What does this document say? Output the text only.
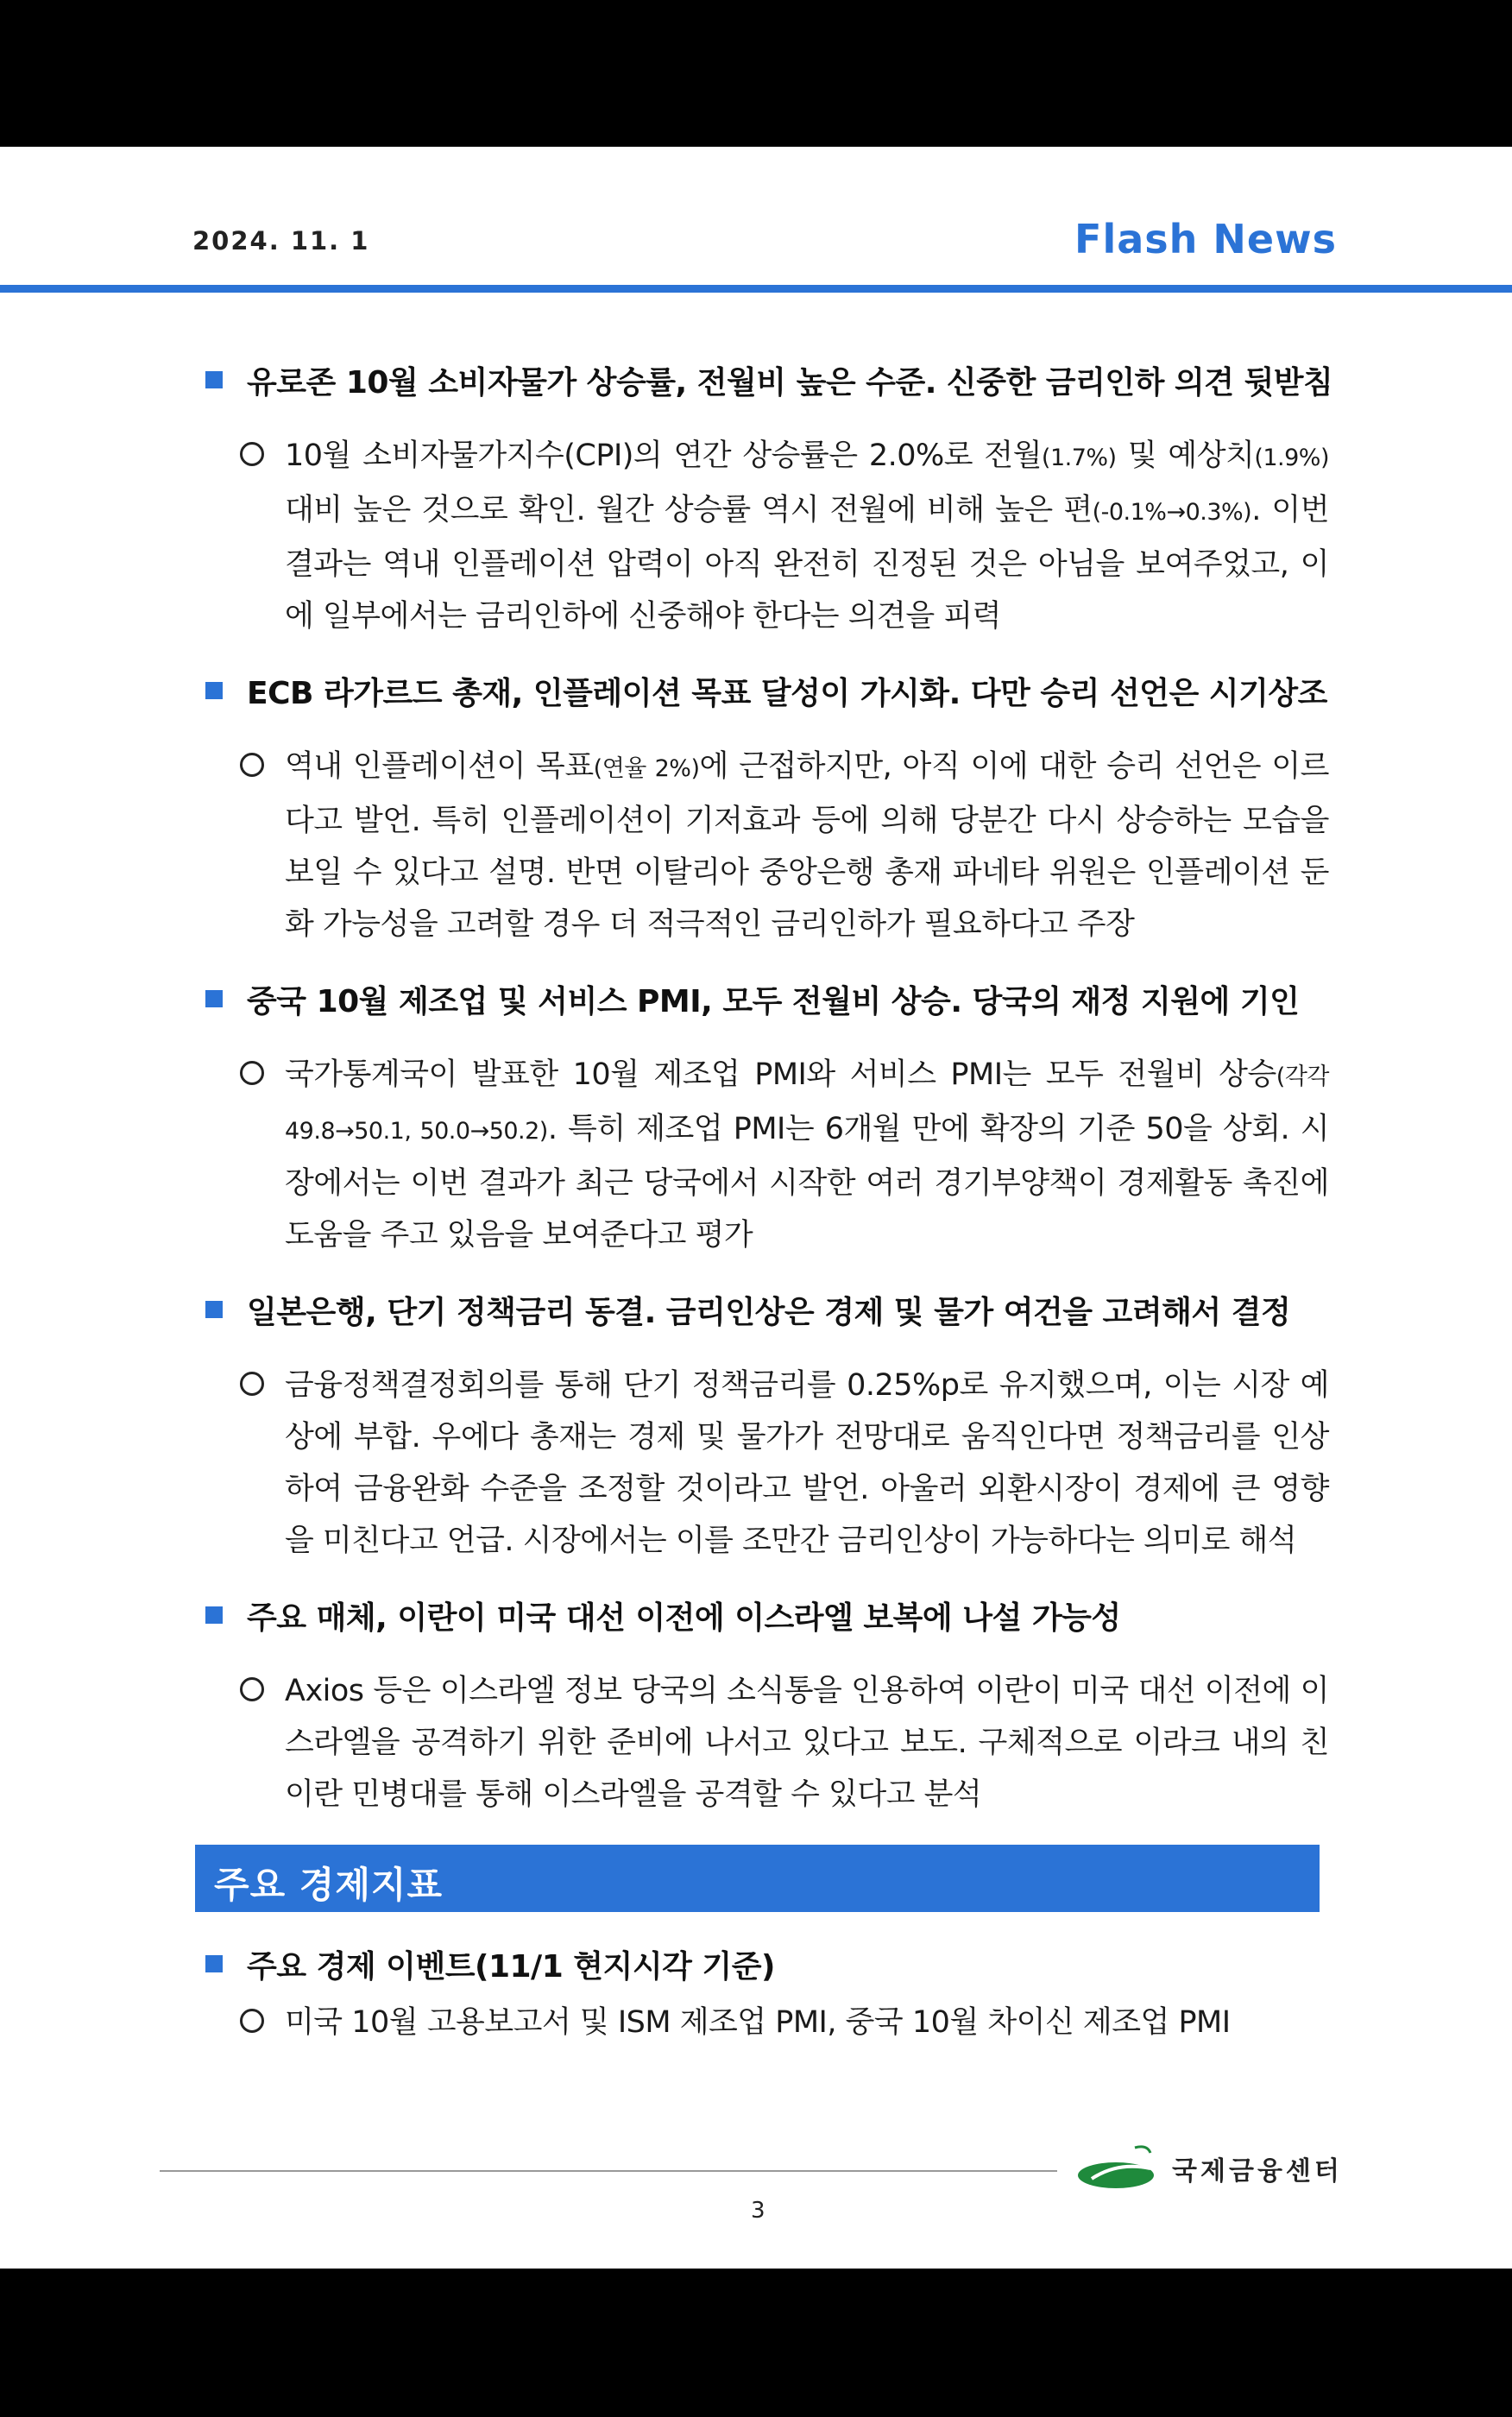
2024. 11. 1	Flash News
유로존 10월 소비자물가 상승률, 전월비 높은 수준. 신중한 금리인하 의견 뒷받침
10월 소비자물가지수(CPI)의 연간 상승률은 2.0%로 전월(1.7%) 및 예상치(1.9%) 대비 높은 것으로 확인. 월간 상승률 역시 전월에 비해 높은 편(-0.1%→0.3%). 이번 결과는 역내 인플레이션 압력이 아직 완전히 진정된 것은 아님을 보여주었고, 이에 일부에서는 금리인하에 신중해야 한다는 의견을 피력
ECB 라가르드 총재, 인플레이션 목표 달성이 가시화. 다만 승리 선언은 시기상조
역내 인플레이션이 목표(연율 2%)에 근접하지만, 아직 이에 대한 승리 선언은 이르다고 발언. 특히 인플레이션이 기저효과 등에 의해 당분간 다시 상승하는 모습을 보일 수 있다고 설명. 반면 이탈리아 중앙은행 총재 파네타 위원은 인플레이션 둔화 가능성을 고려할 경우 더 적극적인 금리인하가 필요하다고 주장
중국 10월 제조업 및 서비스 PMI, 모두 전월비 상승. 당국의 재정 지원에 기인
국가통계국이 발표한 10월 제조업 PMI와 서비스 PMI는 모두 전월비 상승(각각 49.8→50.1, 50.0→50.2). 특히 제조업 PMI는 6개월 만에 확장의 기준 50을 상회. 시장에서는 이번 결과가 최근 당국에서 시작한 여러 경기부양책이 경제활동 촉진에 도움을 주고 있음을 보여준다고 평가
일본은행, 단기 정책금리 동결. 금리인상은 경제 및 물가 여건을 고려해서 결정
금융정책결정회의를 통해 단기 정책금리를 0.25%p로 유지했으며, 이는 시장 예상에 부합. 우에다 총재는 경제 및 물가가 전망대로 움직인다면 정책금리를 인상하여 금융완화 수준을 조정할 것이라고 발언. 아울러 외환시장이 경제에 큰 영향을 미친다고 언급. 시장에서는 이를 조만간 금리인상이 가능하다는 의미로 해석
주요 매체, 이란이 미국 대선 이전에 이스라엘 보복에 나설 가능성
Axios 등은 이스라엘 정보 당국의 소식통을 인용하여 이란이 미국 대선 이전에 이스라엘을 공격하기 위한 준비에 나서고 있다고 보도. 구체적으로 이라크 내의 친이란 민병대를 통해 이스라엘을 공격할 수 있다고 분석
주요 경제지표
주요 경제 이벤트(11/1 현지시각 기준)
미국 10월 고용보고서 및 ISM 제조업 PMI, 중국 10월 차이신 제조업 PMI
국제금융센터
3
